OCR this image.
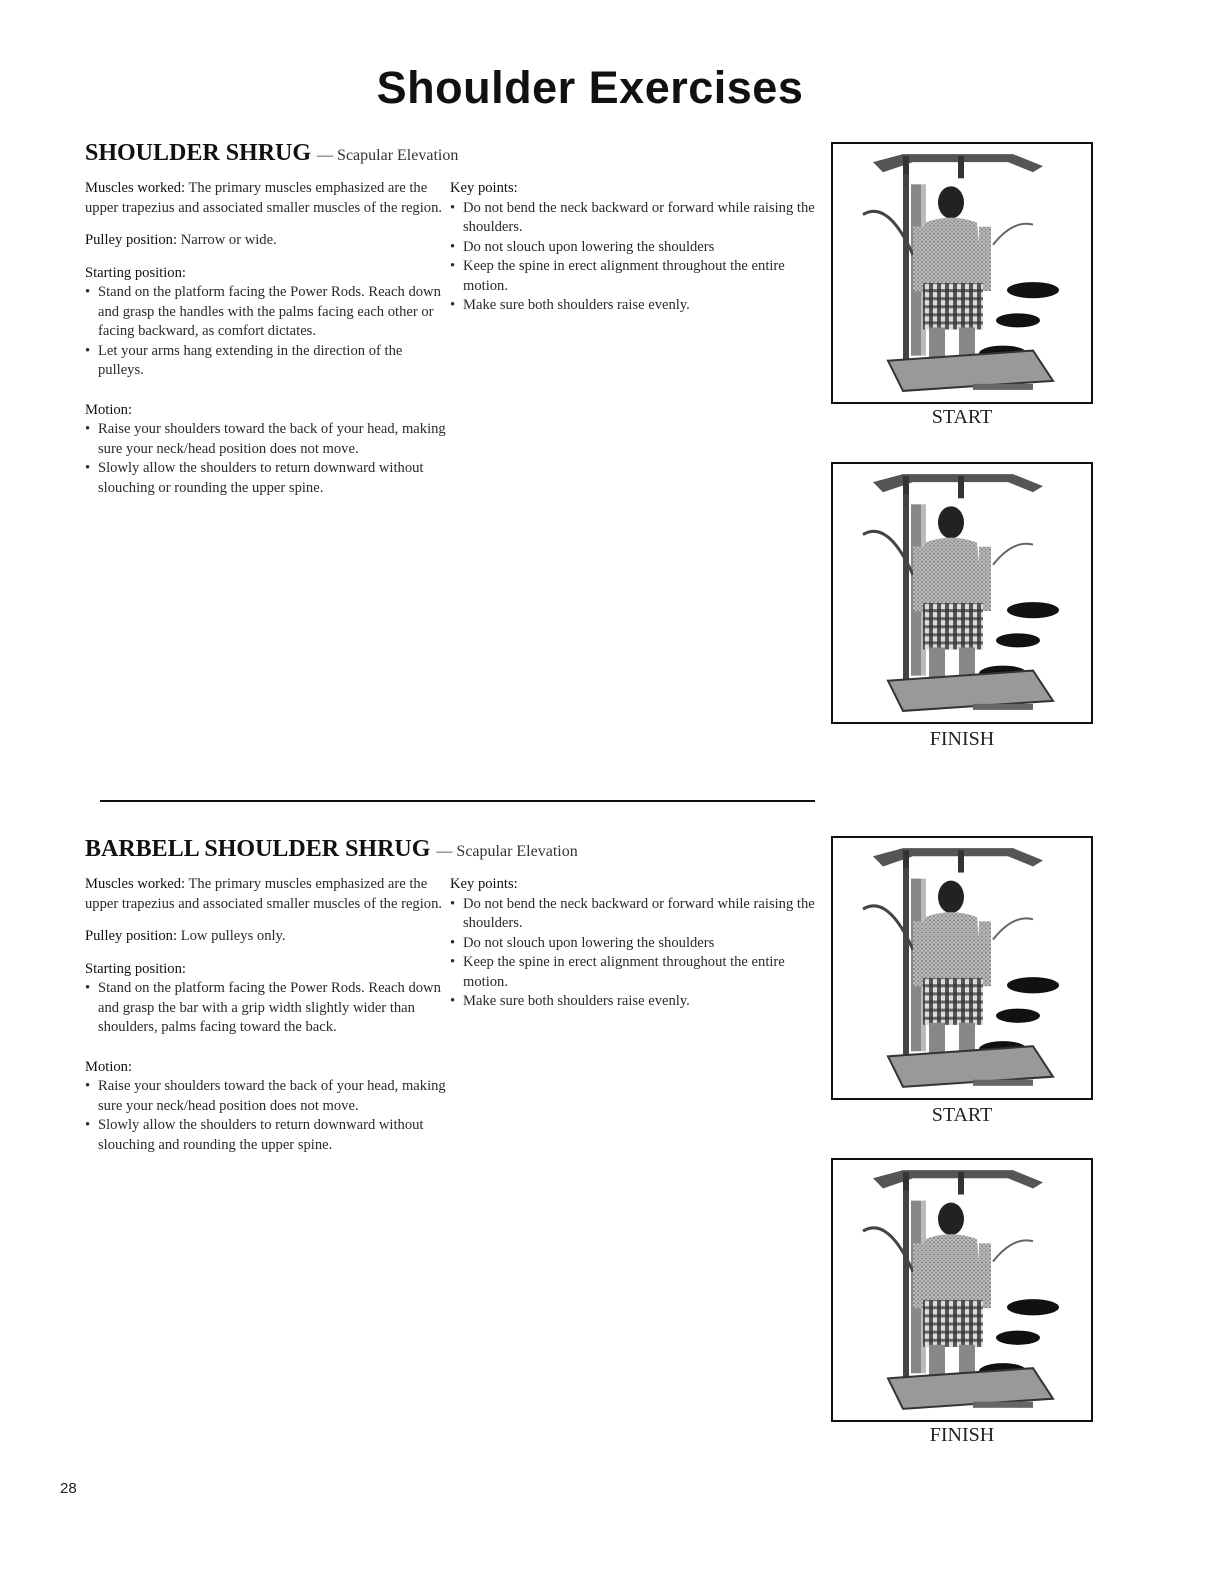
Shoulder Exercises
SHOULDER SHRUG — Scapular Elevation

Muscles worked: The primary muscles emphasized are the upper trapezius and associated smaller muscles of the region.

Pulley position: Narrow or wide.

Starting position:
• Stand on the platform facing the Power Rods. Reach down and grasp the handles with the palms facing each other or facing backward, as comfort dictates.
• Let your arms hang extending in the direction of the pulleys.
Motion:
• Raise your shoulders toward the back of your head, making sure your neck/head position does not move.
• Slowly allow the shoulders to return downward without slouching or rounding the upper spine.
Key points:
• Do not bend the neck backward or forward while raising the shoulders.
• Do not slouch upon lowering the shoulders
• Keep the spine in erect alignment throughout the entire motion.
• Make sure both shoulders raise evenly.
START
FINISH
BARBELL SHOULDER SHRUG — Scapular Elevation

Muscles worked: The primary muscles emphasized are the upper trapezius and associated smaller muscles of the region.

Pulley position: Low pulleys only.

Starting position:
• Stand on the platform facing the Power Rods. Reach down and grasp the bar with a grip width slightly wider than shoulders, palms facing toward the back.
Motion:
• Raise your shoulders toward the back of your head, making sure your neck/head position does not move.
• Slowly allow the shoulders to return downward without slouching and rounding the upper spine.
Key points:
• Do not bend the neck backward or forward while raising the shoulders.
• Do not slouch upon lowering the shoulders
• Keep the spine in erect alignment throughout the entire motion.
• Make sure both shoulders raise evenly.
START
FINISH
28
